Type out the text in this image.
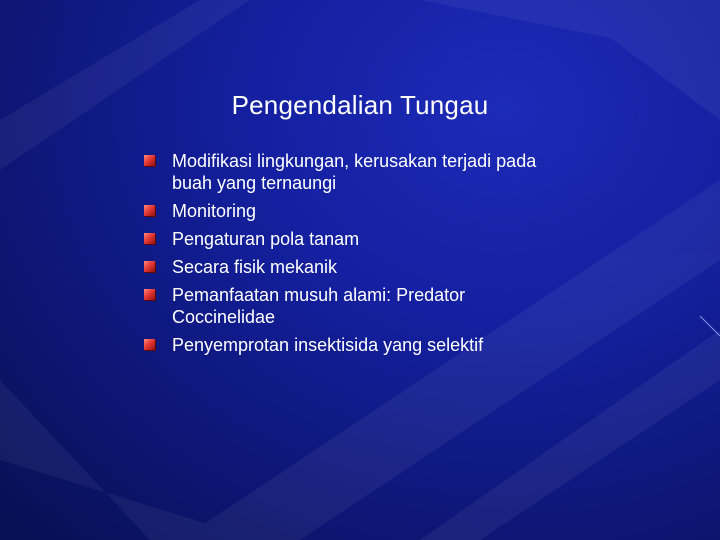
Pengendalian Tungau
Modifikasi lingkungan, kerusakan terjadi pada buah yang ternaungi
Monitoring
Pengaturan pola tanam
Secara fisik mekanik
Pemanfaatan musuh alami: Predator Coccinelidae
Penyemprotan insektisida yang selektif
